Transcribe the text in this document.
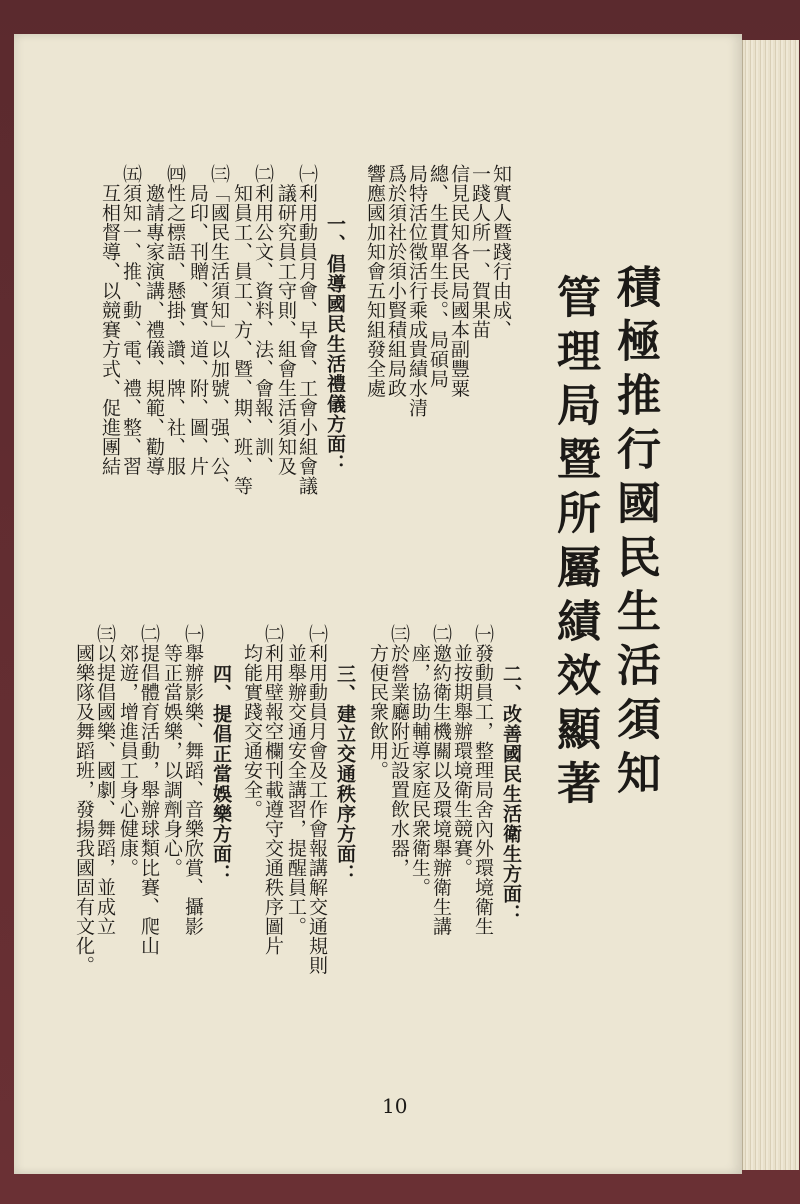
積極推行國民生活須知
管理局暨所屬績效顯著
二、改善國民生活衛生方面：
㈠發動員工，整理局舍內外環境衛生
　並按期舉辦環境衛生競賽。
㈡邀約衛生機關以及環境舉辦衛生講
　座，協助輔導家庭民衆衛生。
㈢於營業廳附近設置飲水器，
　方便民衆飲用。
三、建立交通秩序方面：
㈠利用動員月會及工作會報講解交通規則
　並舉辦交通安全講習，提醒員工。
㈡利用壁報空欄刊載遵守交通秩序圖片
　均能實踐交通安全。
四、提倡正當娛樂方面：
㈠舉辦影樂、舞蹈、音樂欣賞、攝影
　等正當娛樂，以調劑身心。
㈡提倡體育活動，舉辦球類比賽、爬山
　郊遊，增進員工身心健康。
㈢以提倡國樂、國劇、舞蹈，並成立
　國樂隊及舞蹈班，發揚我國固有文化。
知實人暨踐行由成、
一踐人所一、賀果苗
信見民知各民局國本副豐粟
總、生貫單生長。、局碩局
局特活位徵活行乘成貴績水清
爲於須社於須小賢積組局政
響應國加知會五知組發全處
一、倡導國民生活禮儀方面：
㈠利用動員月會、早會、工會小組會議
　議研究員工守則、組會生活須知及
㈡利用公文、資料、法、會報、訓、
　知員工、員工、方、暨、期、班、等
㈢「國民生活須知」以加號、强、公、
　局印、刊贈、實、道、附、圖、片
㈣性之標語、懸掛、讚、牌、社、服
　邀請專家演講、禮儀、規範、勸導
㈤須知一、推、動、電、禮、整、習
　互相督導、以競賽方式、促進團結
10
